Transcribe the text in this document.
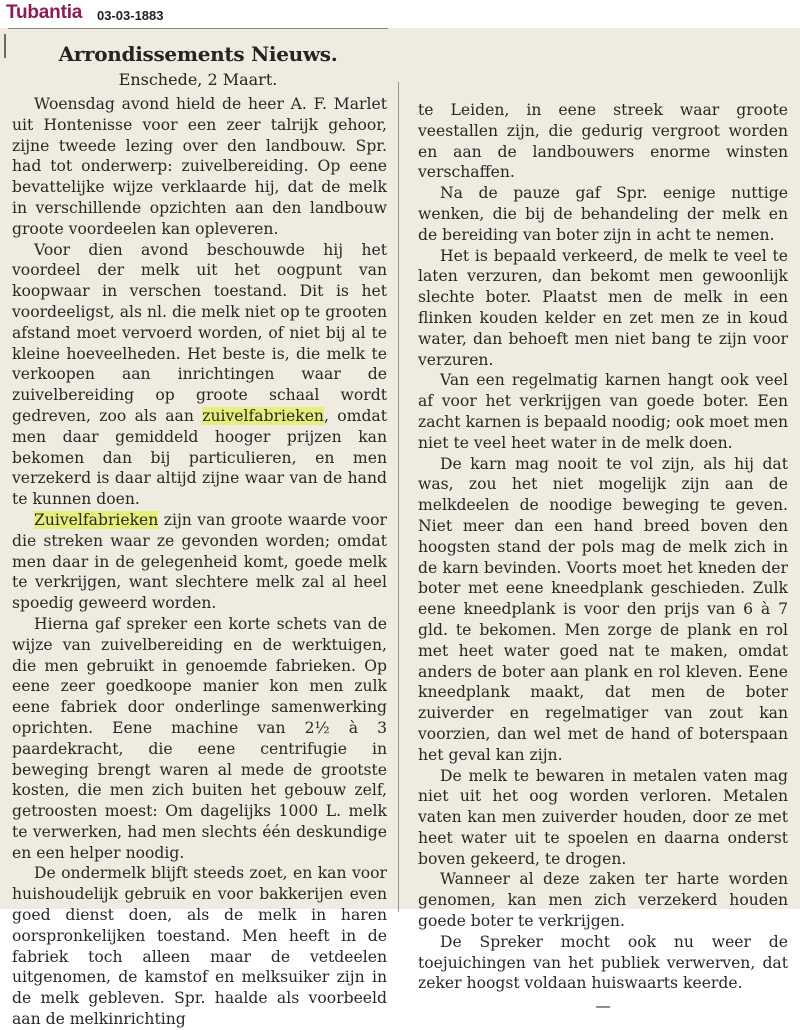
Tubantia 03-03-1883
Arrondissements Nieuws.
Enschede, 2 Maart.

Woensdag avond hield de heer A. F. Marlet uit Hontenisse voor een zeer talrijk gehoor, zijne tweede lezing over den landbouw. Spr. had tot onderwerp: zuivelbereiding. Op eene bevattelijke wijze verklaarde hij, dat de melk in verschillende opzichten aan den landbouw groote voordeelen kan opleveren.

Voor dien avond beschouwde hij het voordeel der melk uit het oogpunt van koopwaar in verschen toestand. Dit is het voordeeligst, als nl. die melk niet op te grooten afstand moet vervoerd worden, of niet bij al te kleine hoeveelheden. Het beste is, die melk te verkoopen aan inrichtingen waar de zuivelbereiding op groote schaal wordt gedreven, zoo als aan zuivelfabrieken, omdat men daar gemiddeld hooger prijzen kan bekomen dan bij particulieren, en men verzekerd is daar altijd zijne waar van de hand te kunnen doen.

Zuivelfabrieken zijn van groote waarde voor die streken waar ze gevonden worden; omdat men daar in de gelegenheid komt, goede melk te verkrijgen, want slechtere melk zal al heel spoedig geweerd worden.

Hierna gaf spreker een korte schets van de wijze van zuivelbereiding en de werktuigen, die men gebruikt in genoemde fabrieken. Op eene zeer goedkoope manier kon men zulk eene fabriek door onderlinge samenwerking oprichten. Eene machine van 2½ à 3 paardekracht, die eene centrifugie in beweging brengt waren al mede de grootste kosten, die men zich buiten het gebouw zelf, getroosten moest: Om dagelijks 1000 L. melk te verwerken, had men slechts één deskundige en een helper noodig.

De ondermelk blijft steeds zoet, en kan voor huishoudelijk gebruik en voor bakkerijen even goed dienst doen, als de melk in haren oorspronkelijken toestand. Men heeft in de fabriek toch alleen maar de vetdeelen uitgenomen, de kamstof en melksuiker zijn in de melk gebleven. Spr. haalde als voorbeeld aan de melkinrichting

te Leiden, in eene streek waar groote veestallen zijn, die gedurig vergroot worden en aan de landbouwers enorme winsten verschaffen.

Na de pauze gaf Spr. eenige nuttige wenken, die bij de behandeling der melk en de bereiding van boter zijn in acht te nemen.

Het is bepaald verkeerd, de melk te veel te laten verzuren, dan bekomt men gewoonlijk slechte boter. Plaatst men de melk in een flinken kouden kelder en zet men ze in koud water, dan behoeft men niet bang te zijn voor verzuren.

Van een regelmatig karnen hangt ook veel af voor het verkrijgen van goede boter. Een zacht karnen is bepaald noodig; ook moet men niet te veel heet water in de melk doen.

De karn mag nooit te vol zijn, als hij dat was, zou het niet mogelijk zijn aan de melkdeelen de noodige beweging te geven. Niet meer dan een hand breed boven den hoogsten stand der pols mag de melk zich in de karn bevinden. Voorts moet het kneden der boter met eene kneedplank geschieden. Zulk eene kneedplank is voor den prijs van 6 à 7 gld. te bekomen. Men zorge de plank en rol met heet water goed nat te maken, omdat anders de boter aan plank en rol kleven. Eene kneedplank maakt, dat men de boter zuiverder en regelmatiger van zout kan voorzien, dan wel met de hand of boterspaan het geval kan zijn.

De melk te bewaren in metalen vaten mag niet uit het oog worden verloren. Metalen vaten kan men zuiverder houden, door ze met heet water uit te spoelen en daarna onderst boven gekeerd, te drogen.

Wanneer al deze zaken ter harte worden genomen, kan men zich verzekerd houden goede boter te verkrijgen.

De Spreker mocht ook nu weer de toejuichingen van het publiek verwerven, dat zeker hoogst voldaan huiswaarts keerde.

—
